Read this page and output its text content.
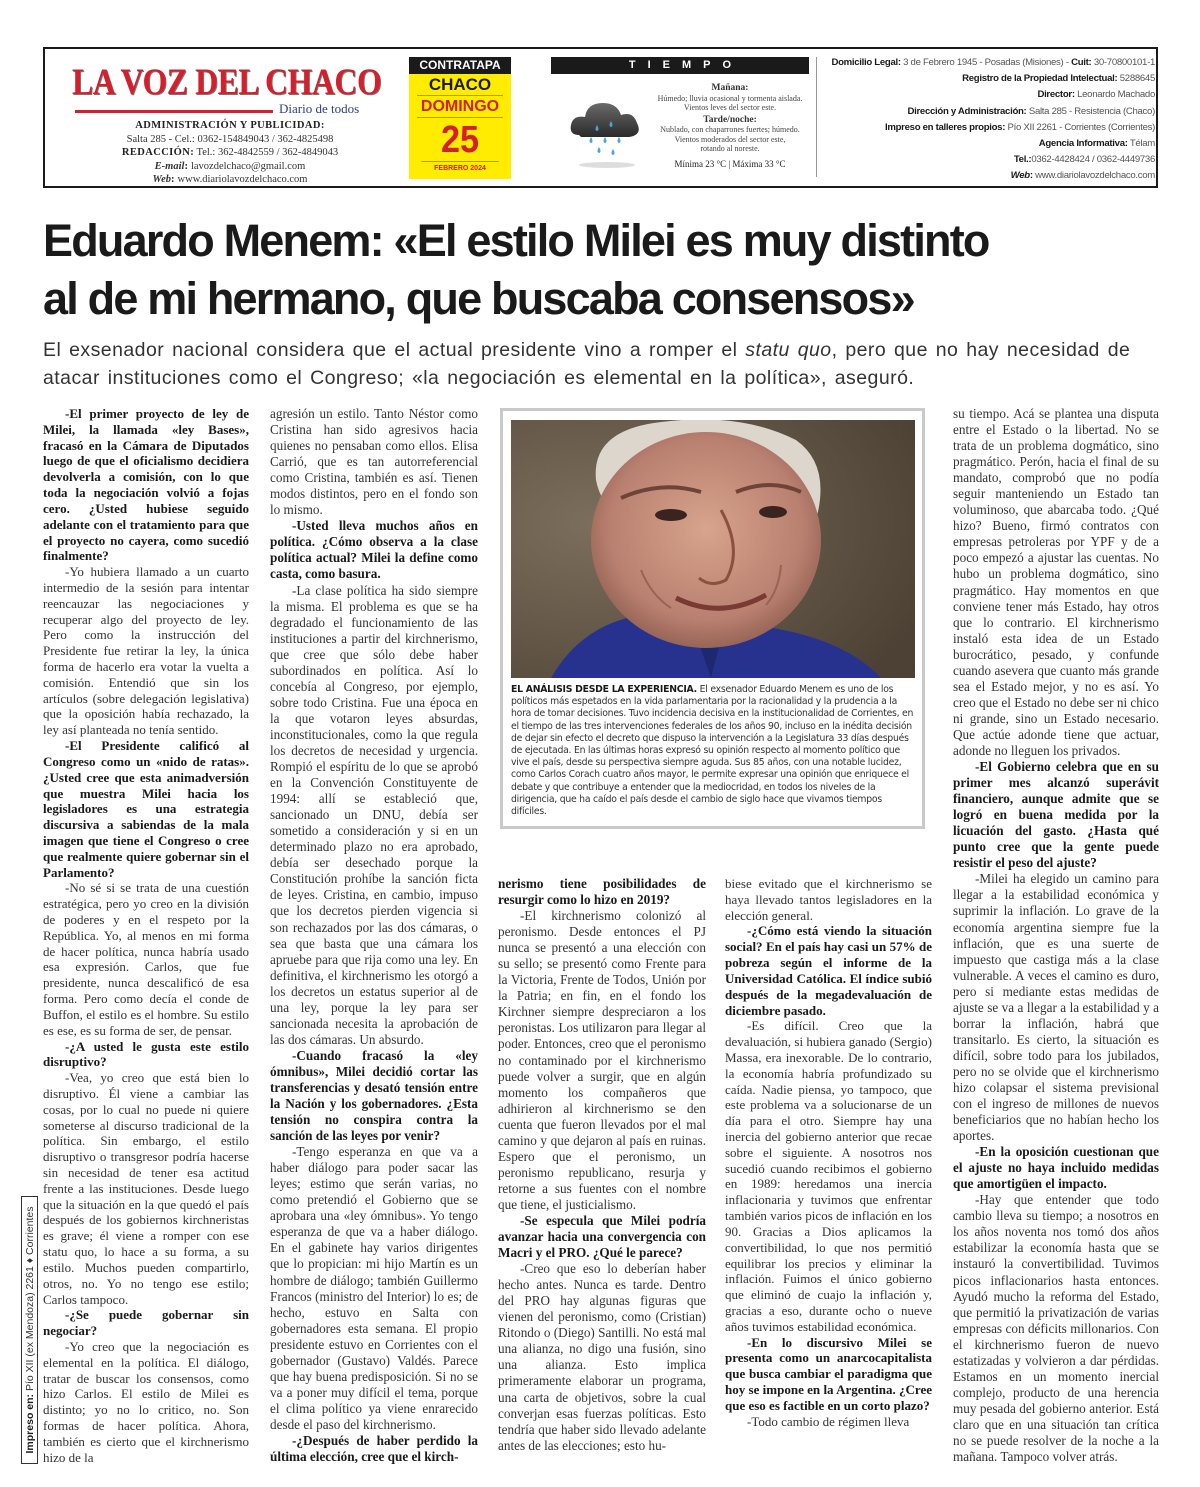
LA VOZ DEL CHACO
Diario de todos
ADMINISTRACIÓN Y PUBLICIDAD:
Salta 285 - Cel.: 0362-154849043 / 362-4825498
REDACCIÓN: Tel.: 362-4842559 / 362-4849043
E-mail: lavozdelchaco@gmail.com
Web: www.diariolavozdelchaco.com
CONTRATAPA
CHACO
DOMINGO
25
FEBRERO 2024
TIEMPO
Mañana:
Húmedo; lluvia ocasional y tormenta aislada.
Vientos leves del sector este.
Tarde/noche:
Nublado, con chaparrones fuertes; húmedo.
Vientos moderados del sector este,
rotando al noreste.
Mínima 23 °C | Máxima 33 °C
Domicilio Legal: 3 de Febrero 1945 - Posadas (Misiones) - Cuit: 30-70800101-1
Registro de la Propiedad Intelectual: 5288645
Director: Leonardo Machado
Dirección y Administración: Salta 285 - Resistencia (Chaco)
Impreso en talleres propios: Pío XII 2261 - Corrientes (Corrientes)
Agencia Informativa: Télam
Tel.:0362-4428424 / 0362-4449736
Web: www.diariolavozdelchaco.com
Eduardo Menem: «El estilo Milei es muy distinto
al de mi hermano, que buscaba consensos»

El exsenador nacional considera que el actual presidente vino a romper el statu quo, pero que no hay necesidad de atacar instituciones como el Congreso; «la negociación es elemental en la política», aseguró.

-El primer proyecto de ley de Milei, la llamada «ley Bases», fracasó en la Cámara de Diputados luego de que el oficialismo decidiera devolverla a comisión, con lo que toda la negociación volvió a fojas cero. ¿Usted hubiese seguido adelante con el tratamiento para que el proyecto no cayera, como sucedió finalmente?

-Yo hubiera llamado a un cuarto intermedio de la sesión para intentar reencauzar las negociaciones y recuperar algo del proyecto de ley. Pero como la instrucción del Presidente fue retirar la ley, la única forma de hacerlo era votar la vuelta a comisión. Entendió que sin los artículos (sobre delegación legislativa) que la oposición había rechazado, la ley así planteada no tenía sentido.

-El Presidente calificó al Congreso como un «nido de ratas». ¿Usted cree que esta animadversión que muestra Milei hacia los legisladores es una estrategia discursiva a sabiendas de la mala imagen que tiene el Congreso o cree que realmente quiere gobernar sin el Parlamento?

-No sé si se trata de una cuestión estratégica, pero yo creo en la división de poderes y en el respeto por la República. Yo, al menos en mi forma de hacer política, nunca habría usado esa expresión. Carlos, que fue presidente, nunca descalificó de esa forma. Pero como decía el conde de Buffon, el estilo es el hombre. Su estilo es ese, es su forma de ser, de pensar.

-¿A usted le gusta este estilo disruptivo?

-Vea, yo creo que está bien lo disruptivo. Él viene a cambiar las cosas, por lo cual no puede ni quiere someterse al discurso tradicional de la política. Sin embargo, el estilo disruptivo o transgresor podría hacerse sin necesidad de tener esa actitud frente a las instituciones. Desde luego que la situación en la que quedó el país después de los gobiernos kirchneristas es grave; él viene a romper con ese statu quo, lo hace a su forma, a su estilo. Muchos pueden compartirlo, otros, no. Yo no tengo ese estilo; Carlos tampoco.

-¿Se puede gobernar sin negociar?

-Yo creo que la negociación es elemental en la política. El diálogo, tratar de buscar los consensos, como hizo Carlos. El estilo de Milei es distinto; yo no lo critico, no. Son formas de hacer política. Ahora, también es cierto que el kirchnerismo hizo de la

agresión un estilo. Tanto Néstor como Cristina han sido agresivos hacia quienes no pensaban como ellos. Elisa Carrió, que es tan autorreferencial como Cristina, también es así. Tienen modos distintos, pero en el fondo son lo mismo.

-Usted lleva muchos años en política. ¿Cómo observa a la clase política actual? Milei la define como casta, como basura.

-La clase política ha sido siempre la misma. El problema es que se ha degradado el funcionamiento de las instituciones a partir del kirchnerismo, que cree que sólo debe haber subordinados en política. Así lo concebía al Congreso, por ejemplo, sobre todo Cristina. Fue una época en la que votaron leyes absurdas, inconstitucionales, como la que regula los decretos de necesidad y urgencia. Rompió el espíritu de lo que se aprobó en la Convención Constituyente de 1994: allí se estableció que, sancionado un DNU, debía ser sometido a consideración y si en un determinado plazo no era aprobado, debía ser desechado porque la Constitución prohíbe la sanción ficta de leyes. Cristina, en cambio, impuso que los decretos pierden vigencia si son rechazados por las dos cámaras, o sea que basta que una cámara los apruebe para que rija como una ley. En definitiva, el kirchnerismo les otorgó a los decretos un estatus superior al de una ley, porque la ley para ser sancionada necesita la aprobación de las dos cámaras. Un absurdo.

-Cuando fracasó la «ley ómnibus», Milei decidió cortar las transferencias y desató tensión entre la Nación y los gobernadores. ¿Esta tensión no conspira contra la sanción de las leyes por venir?

-Tengo esperanza en que va a haber diálogo para poder sacar las leyes; estimo que serán varias, no como pretendió el Gobierno que se aprobara una «ley ómnibus». Yo tengo esperanza de que va a haber diálogo. En el gabinete hay varios dirigentes que lo propician: mi hijo Martín es un hombre de diálogo; también Guillermo Francos (ministro del Interior) lo es; de hecho, estuvo en Salta con gobernadores esta semana. El propio presidente estuvo en Corrientes con el gobernador (Gustavo) Valdés. Parece que hay buena predisposición. Si no se va a poner muy difícil el tema, porque el clima político ya viene enrarecido desde el paso del kirchnerismo.

-¿Después de haber perdido la última elección, cree que el kirch-

nerismo tiene posibilidades de resurgir como lo hizo en 2019?

-El kirchnerismo colonizó al peronismo. Desde entonces el PJ nunca se presentó a una elección con su sello; se presentó como Frente para la Victoria, Frente de Todos, Unión por la Patria; en fin, en el fondo los Kirchner siempre despreciaron a los peronistas. Los utilizaron para llegar al poder. Entonces, creo que el peronismo no contaminado por el kirchnerismo puede volver a surgir, que en algún momento los compañeros que adhirieron al kirchnerismo se den cuenta que fueron llevados por el mal camino y que dejaron al país en ruinas. Espero que el peronismo, un peronismo republicano, resurja y retorne a sus fuentes con el nombre que tiene, el justicialismo.

-Se especula que Milei podría avanzar hacia una convergencia con Macri y el PRO. ¿Qué le parece?

-Creo que eso lo deberían haber hecho antes. Nunca es tarde. Dentro del PRO hay algunas figuras que vienen del peronismo, como (Cristian) Ritondo o (Diego) Santilli. No está mal una alianza, no digo una fusión, sino una alianza. Esto implica primeramente elaborar un programa, una carta de objetivos, sobre la cual converjan esas fuerzas políticas. Esto tendría que haber sido llevado adelante antes de las elecciones; esto hu-

biese evitado que el kirchnerismo se haya llevado tantos legisladores en la elección general.

-¿Cómo está viendo la situación social? En el país hay casi un 57% de pobreza según el informe de la Universidad Católica. El índice subió después de la megadevaluación de diciembre pasado.

-Es difícil. Creo que la devaluación, si hubiera ganado (Sergio) Massa, era inexorable. De lo contrario, la economía habría profundizado su caída. Nadie piensa, yo tampoco, que este problema va a solucionarse de un día para el otro. Siempre hay una inercia del gobierno anterior que recae sobre el siguiente. A nosotros nos sucedió cuando recibimos el gobierno en 1989: heredamos una inercia inflacionaria y tuvimos que enfrentar también varios picos de inflación en los 90. Gracias a Dios aplicamos la convertibilidad, lo que nos permitió equilibrar los precios y eliminar la inflación. Fuimos el único gobierno que eliminó de cuajo la inflación y, gracias a eso, durante ocho o nueve años tuvimos estabilidad económica.

-En lo discursivo Milei se presenta como un anarcocapitalista que busca cambiar el paradigma que hoy se impone en la Argentina. ¿Cree que eso es factible en un corto plazo?

-Todo cambio de régimen lleva

su tiempo. Acá se plantea una disputa entre el Estado o la libertad. No se trata de un problema dogmático, sino pragmático. Perón, hacia el final de su mandato, comprobó que no podía seguir manteniendo un Estado tan voluminoso, que abarcaba todo. ¿Qué hizo? Bueno, firmó contratos con empresas petroleras por YPF y de a poco empezó a ajustar las cuentas. No hubo un problema dogmático, sino pragmático. Hay momentos en que conviene tener más Estado, hay otros que lo contrario. El kirchnerismo instaló esta idea de un Estado burocrático, pesado, y confunde cuando asevera que cuanto más grande sea el Estado mejor, y no es así. Yo creo que el Estado no debe ser ni chico ni grande, sino un Estado necesario. Que actúe adonde tiene que actuar, adonde no lleguen los privados.

-El Gobierno celebra que en su primer mes alcanzó superávit financiero, aunque admite que se logró en buena medida por la licuación del gasto. ¿Hasta qué punto cree que la gente puede resistir el peso del ajuste?

-Milei ha elegido un camino para llegar a la estabilidad económica y suprimir la inflación. Lo grave de la economía argentina siempre fue la inflación, que es una suerte de impuesto que castiga más a la clase vulnerable. A veces el camino es duro, pero si mediante estas medidas de ajuste se va a llegar a la estabilidad y a borrar la inflación, habrá que transitarlo. Es cierto, la situación es difícil, sobre todo para los jubilados, pero no se olvide que el kirchnerismo hizo colapsar el sistema previsional con el ingreso de millones de nuevos beneficiarios que no habían hecho los aportes.

-En la oposición cuestionan que el ajuste no haya incluido medidas que amortigüen el impacto.

-Hay que entender que todo cambio lleva su tiempo; a nosotros en los años noventa nos tomó dos años estabilizar la economía hasta que se instauró la convertibilidad. Tuvimos picos inflacionarios hasta entonces. Ayudó mucho la reforma del Estado, que permitió la privatización de varias empresas con déficits millonarios. Con el kirchnerismo fueron de nuevo estatizadas y volvieron a dar pérdidas. Estamos en un momento inercial complejo, producto de una herencia muy pesada del gobierno anterior. Está claro que en una situación tan crítica no se puede resolver de la noche a la mañana. Tampoco volver atrás.

EL ANÁLISIS DESDE LA EXPERIENCIA. El exsenador Eduardo Menem es uno de los políticos más espetados en la vida parlamentaria por la racionalidad y la prudencia a la hora de tomar decisiones. Tuvo incidencia decisiva en la institucionalidad de Corrientes, en el tiempo de las tres intervenciones federales de los años 90, incluso en la inédita decisión de dejar sin efecto el decreto que dispuso la intervención a la Legislatura 33 días después de ejecutada. En las últimas horas expresó su opinión respecto al momento político que vive el país, desde su perspectiva siempre aguda. Sus 85 años, con una notable lucidez, como Carlos Corach cuatro años mayor, le permite expresar una opinión que enriquece el debate y que contribuye a entender que la mediocridad, en todos los niveles de la dirigencia, que ha caído el país desde el cambio de siglo hace que vivamos tiempos difíciles.
Impreso en: Pío XII (ex Mendoza) 2261 ♦ Corrientes
